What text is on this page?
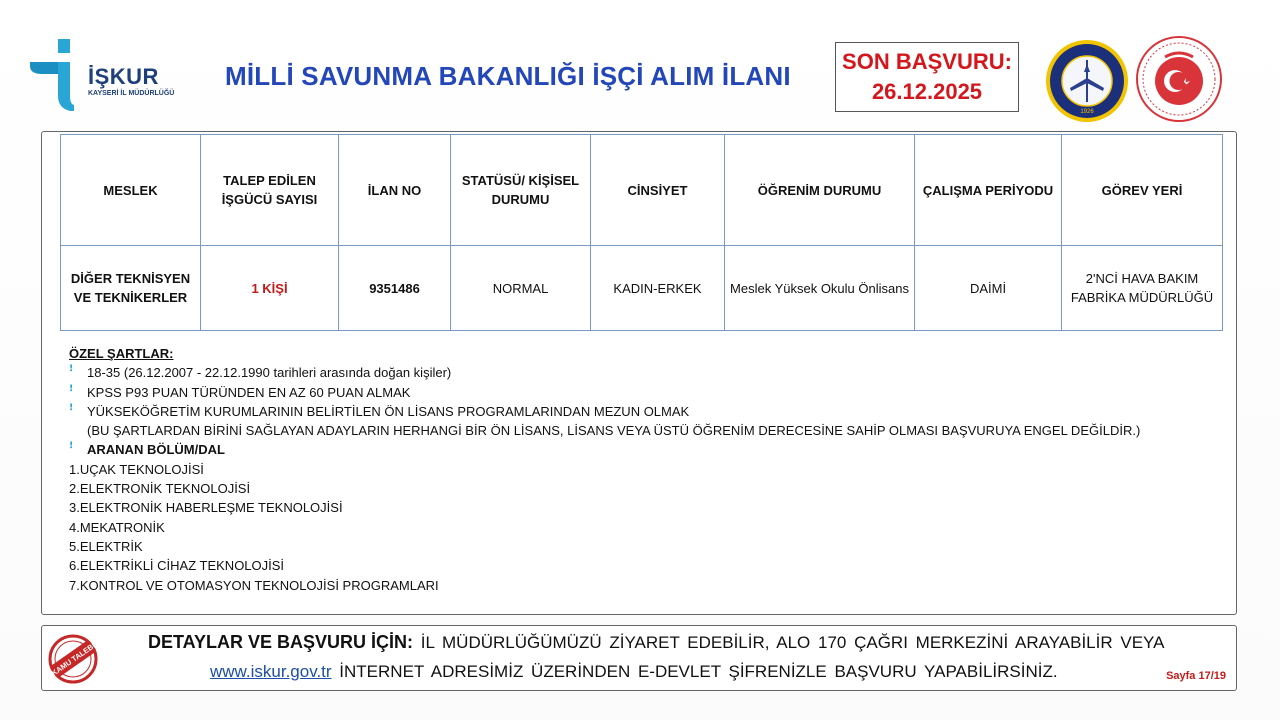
İŞKUR
KAYSERİ İL MÜDÜRLÜĞÜ
MİLLİ SAVUNMA BAKANLIĞI İŞÇİ ALIM İLANI SON BAŞVURU:
26.12.2025
1926
MESLEK	TALEP EDİLEN İŞGÜCÜ SAYISI	İLAN NO	STATÜSÜ/ KİŞİSEL DURUMU	CİNSİYET	ÖĞRENİM DURUMU	ÇALIŞMA PERİYODU	GÖREV YERİ
DİĞER TEKNİSYEN VE TEKNİKERLER	1 KİŞİ	9351486	NORMAL	KADIN-ERKEK	Meslek Yüksek Okulu Önlisans	DAİMİ	2'NCİ HAVA BAKIM FABRİKA MÜDÜRLÜĞÜ
ÖZEL ŞARTLAR:
ꜝ 18-35 (26.12.2007 - 22.12.1990 tarihleri arasında doğan kişiler)
ꜝ KPSS P93 PUAN TÜRÜNDEN EN AZ 60 PUAN ALMAK
ꜝ YÜKSEKÖĞRETİM KURUMLARININ BELİRTİLEN ÖN LİSANS PROGRAMLARINDAN MEZUN OLMAK
(BU ŞARTLARDAN BİRİNİ SAĞLAYAN ADAYLARIN HERHANGİ BİR ÖN LİSANS, LİSANS VEYA ÜSTÜ ÖĞRENİM DERECESİNE SAHİP OLMASI BAŞVURUYA ENGEL DEĞİLDİR.)
ꜝ ARANAN BÖLÜM/DAL
1.UÇAK TEKNOLOJİSİ
2.ELEKTRONİK TEKNOLOJİSİ
3.ELEKTRONİK HABERLEŞME TEKNOLOJİSİ
4.MEKATRONİK
5.ELEKTRİK
6.ELEKTRİKLİ CİHAZ TEKNOLOJİSİ
7.KONTROL VE OTOMASYON TEKNOLOJİSİ PROGRAMLARI
KAMU TALEBİ	DETAYLAR VE BAŞVURU İÇİN: İL MÜDÜRLÜĞÜMÜZÜ ZİYARET EDEBİLİR, ALO 170 ÇAĞRI MERKEZİNİ ARAYABİLİR VEYA
www.iskur.gov.tr İNTERNET ADRESİMİZ ÜZERİNDEN E-DEVLET ŞİFRENİZLE BAŞVURU YAPABİLİRSİNİZ.	Sayfa 17/19
